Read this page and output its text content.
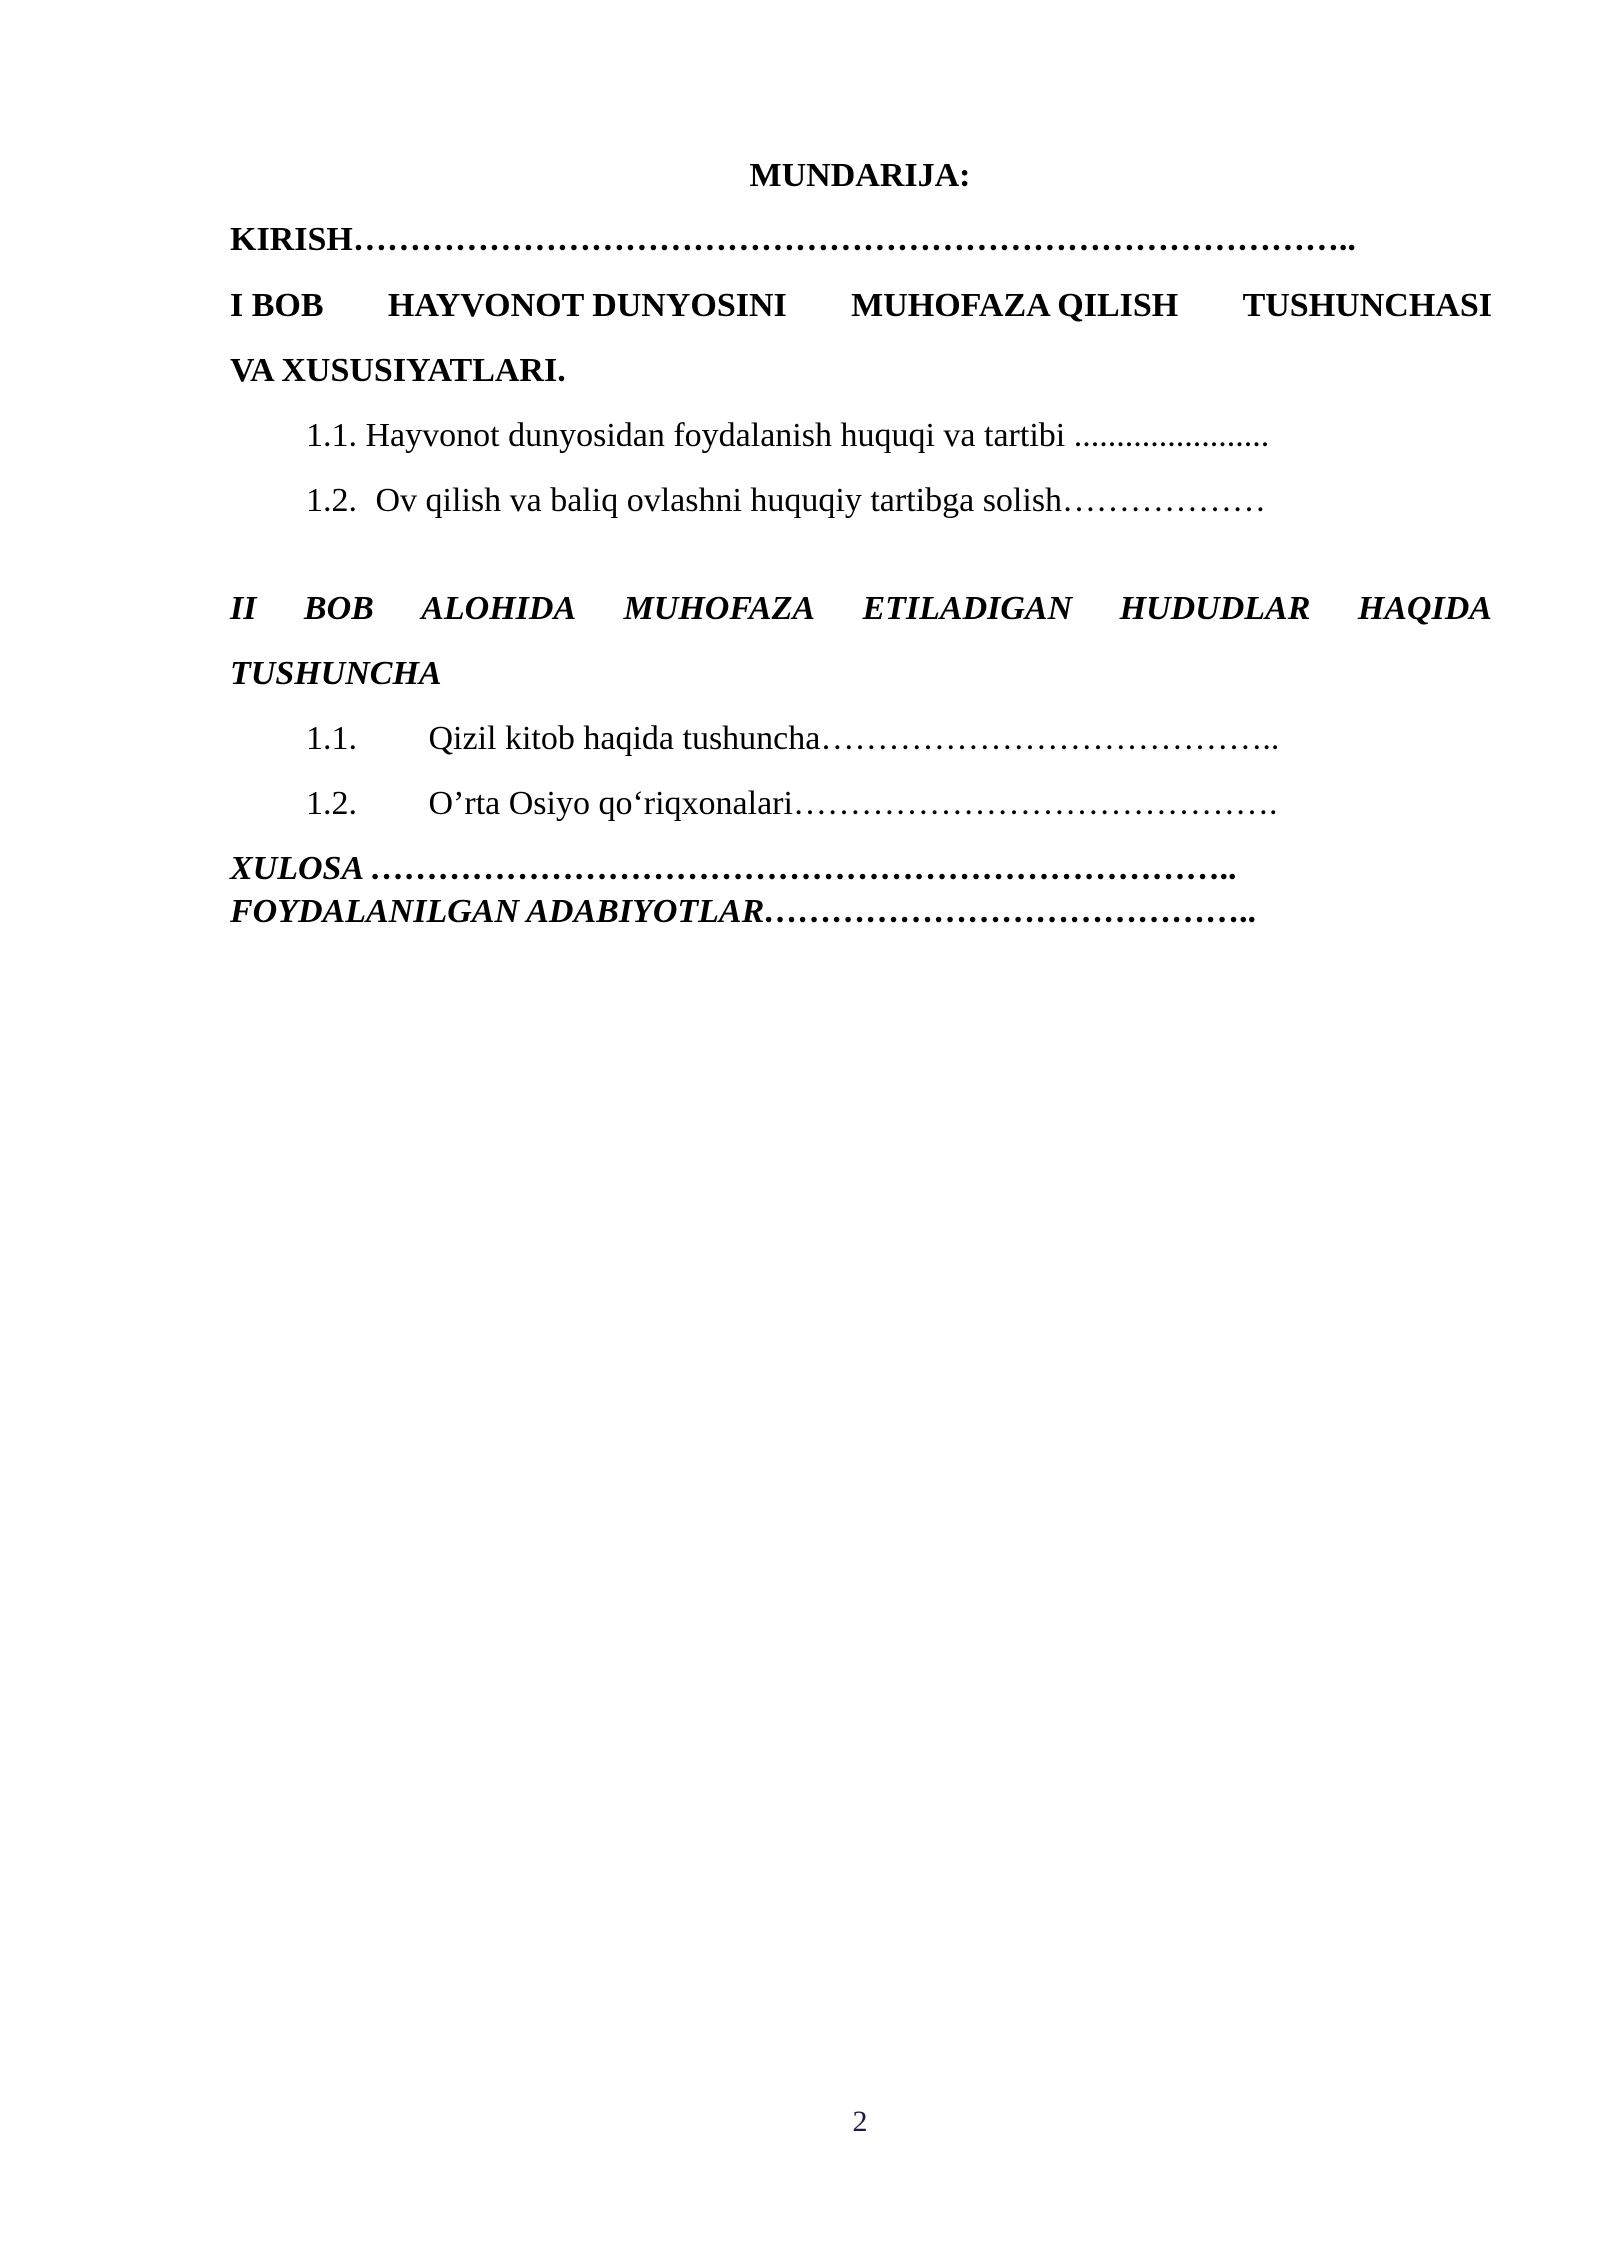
MUNDARIJA:
KIRISH……………………………………………………………………………..
I BOB HAYVONOT DUNYOSINI MUHOFAZA QILISH TUSHUNCHASI
VA XUSUSIYATLARI.
1.1. Hayvonot dunyosidan foydalanish huquqi va tartibi .......................
1.2. Ov qilish va baliq ovlashni huquqiy tartibga solish………………
II BOB ALOHIDA MUHOFAZA ETILADIGAN HUDUDLAR HAQIDA
TUSHUNCHA
1.1. Qizil kitob haqida tushuncha…………………………………..
1.2. O’rta Osiyo qo‘riqxonalari…………………………………….
XULOSA …………………………………………………………………..
FOYDALANILGAN ADABIYOTLAR……………………………………..
2
